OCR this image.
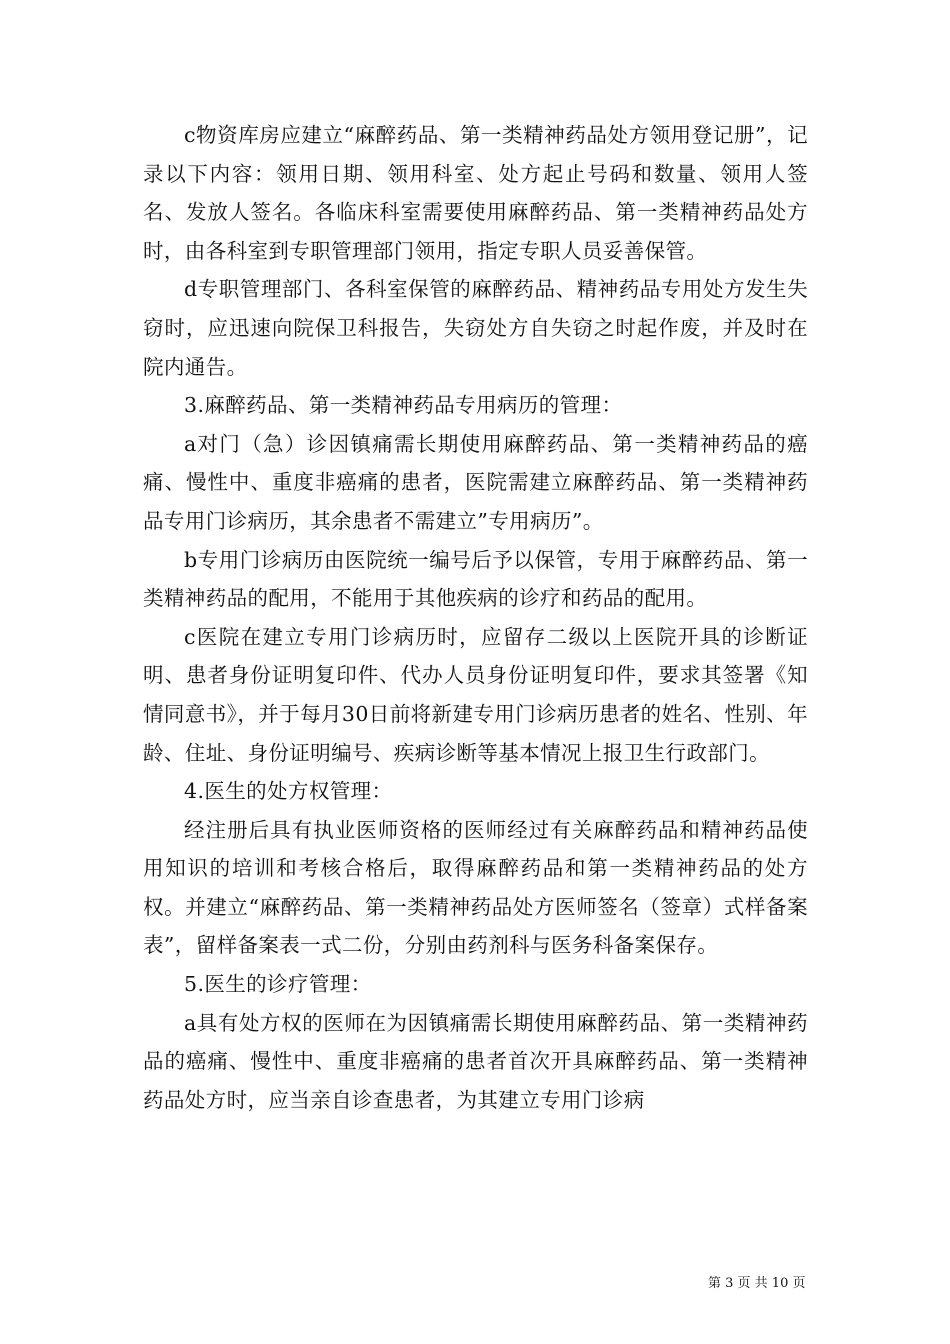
c物资库房应建立“麻醉药品、第一类精神药品处方领用登记册”，记录以下内容：领用日期、领用科室、处方起止号码和数量、领用人签名、发放人签名。各临床科室需要使用麻醉药品、第一类精神药品处方时，由各科室到专职管理部门领用，指定专职人员妥善保管。

d专职管理部门、各科室保管的麻醉药品、精神药品专用处方发生失窃时，应迅速向院保卫科报告，失窃处方自失窃之时起作废，并及时在院内通告。

3.麻醉药品、第一类精神药品专用病历的管理：

a对门（急）诊因镇痛需长期使用麻醉药品、第一类精神药品的癌痛、慢性中、重度非癌痛的患者，医院需建立麻醉药品、第一类精神药品专用门诊病历，其余患者不需建立”专用病历”。

b专用门诊病历由医院统一编号后予以保管，专用于麻醉药品、第一类精神药品的配用，不能用于其他疾病的诊疗和药品的配用。

c医院在建立专用门诊病历时，应留存二级以上医院开具的诊断证明、患者身份证明复印件、代办人员身份证明复印件，要求其签署《知情同意书》，并于每月30日前将新建专用门诊病历患者的姓名、性别、年龄、住址、身份证明编号、疾病诊断等基本情况上报卫生行政部门。

4.医生的处方权管理：

经注册后具有执业医师资格的医师经过有关麻醉药品和精神药品使用知识的培训和考核合格后，取得麻醉药品和第一类精神药品的处方权。并建立“麻醉药品、第一类精神药品处方医师签名（签章）式样备案表”，留样备案表一式二份，分别由药剂科与医务科备案保存。

5.医生的诊疗管理：

a具有处方权的医师在为因镇痛需长期使用麻醉药品、第一类精神药品的癌痛、慢性中、重度非癌痛的患者首次开具麻醉药品、第一类精神药品处方时，应当亲自诊查患者，为其建立专用门诊病

第 3 页 共 10 页
